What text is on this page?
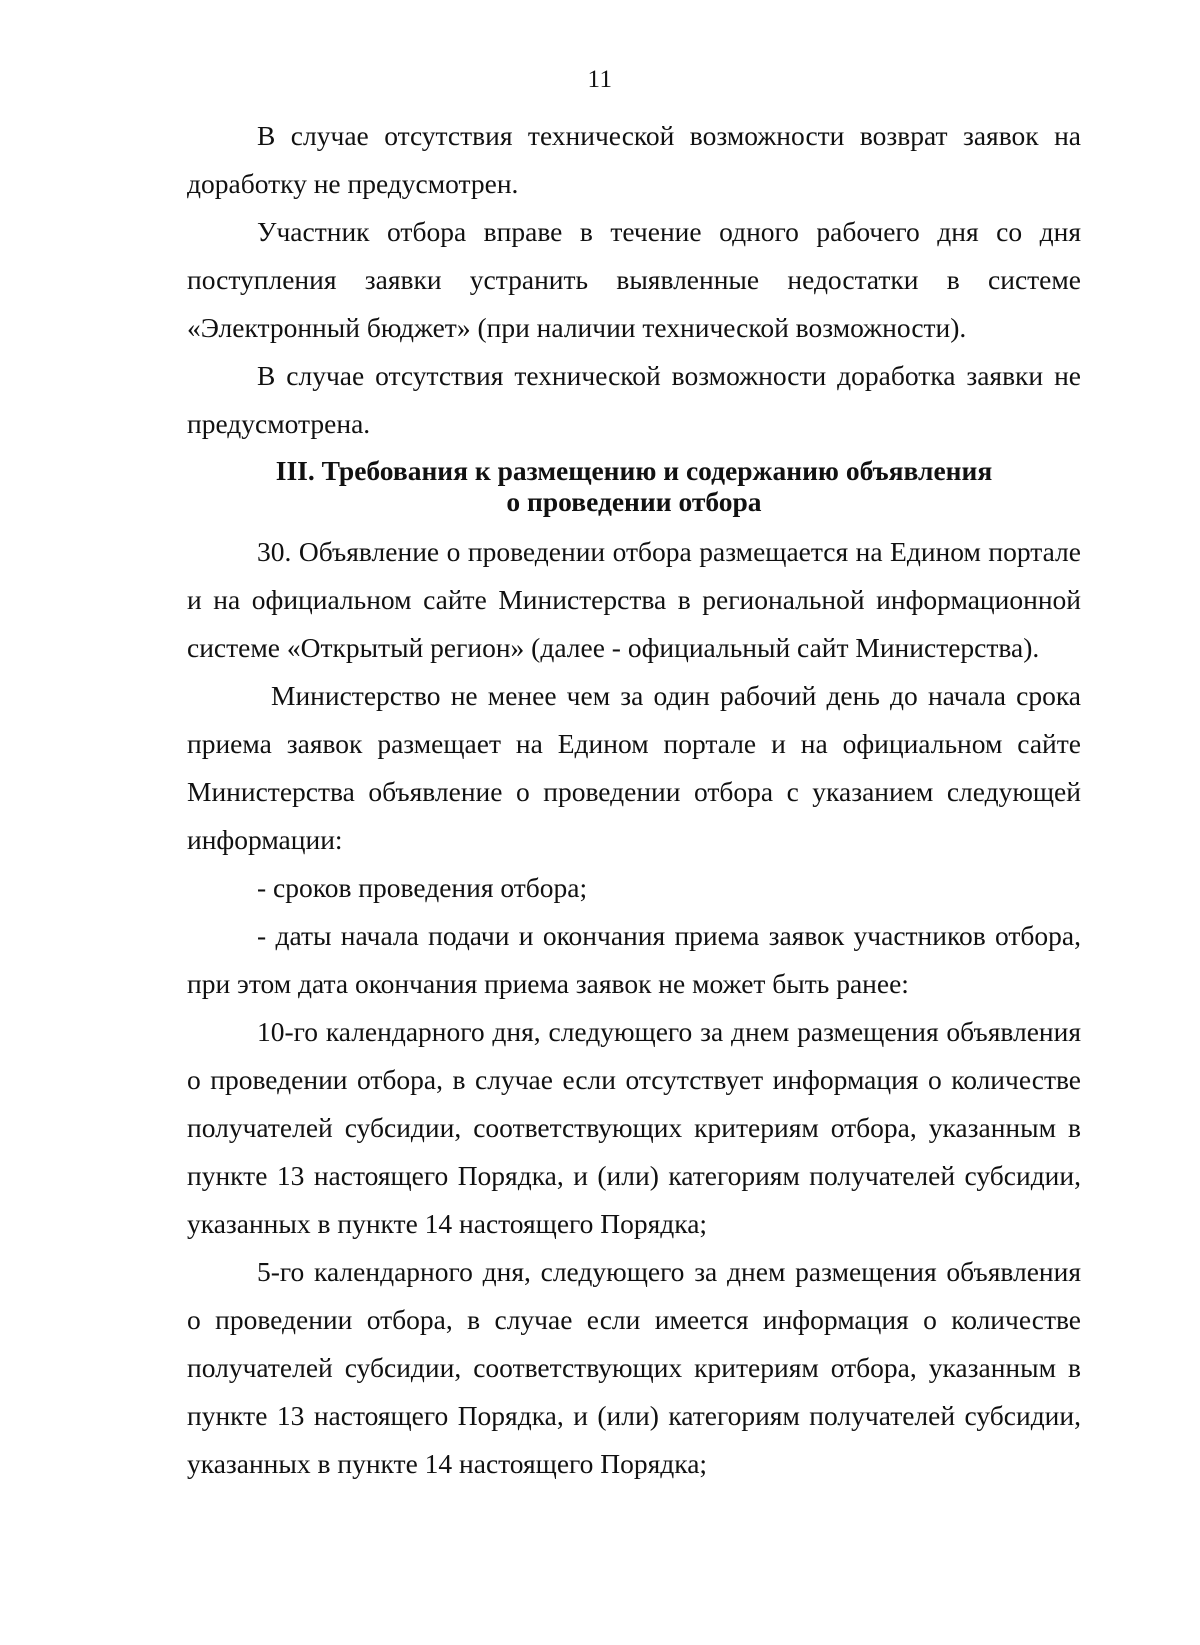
11

В случае отсутствия технической возможности возврат заявок на доработку не предусмотрен.

Участник отбора вправе в течение одного рабочего дня со дня поступления заявки устранить выявленные недостатки в системе «Электронный бюджет» (при наличии технической возможности).

В случае отсутствия технической возможности доработка заявки не предусмотрена.

III. Требования к размещению и содержанию объявления
о проведении отбора

30. Объявление о проведении отбора размещается на Едином портале и на официальном сайте Министерства в региональной информационной системе «Открытый регион» (далее - официальный сайт Министерства).

Министерство не менее чем за один рабочий день до начала срока приема заявок размещает на Едином портале и на официальном сайте Министерства объявление о проведении отбора с указанием следующей информации:

- сроков проведения отбора;

- даты начала подачи и окончания приема заявок участников отбора, при этом дата окончания приема заявок не может быть ранее:

10-го календарного дня, следующего за днем размещения объявления о проведении отбора, в случае если отсутствует информация о количестве получателей субсидии, соответствующих критериям отбора, указанным в пункте 13 настоящего Порядка, и (или) категориям получателей субсидии, указанных в пункте 14 настоящего Порядка;

5-го календарного дня, следующего за днем размещения объявления о проведении отбора, в случае если имеется информация о количестве получателей субсидии, соответствующих критериям отбора, указанным в пункте 13 настоящего Порядка, и (или) категориям получателей субсидии, указанных в пункте 14 настоящего Порядка;
